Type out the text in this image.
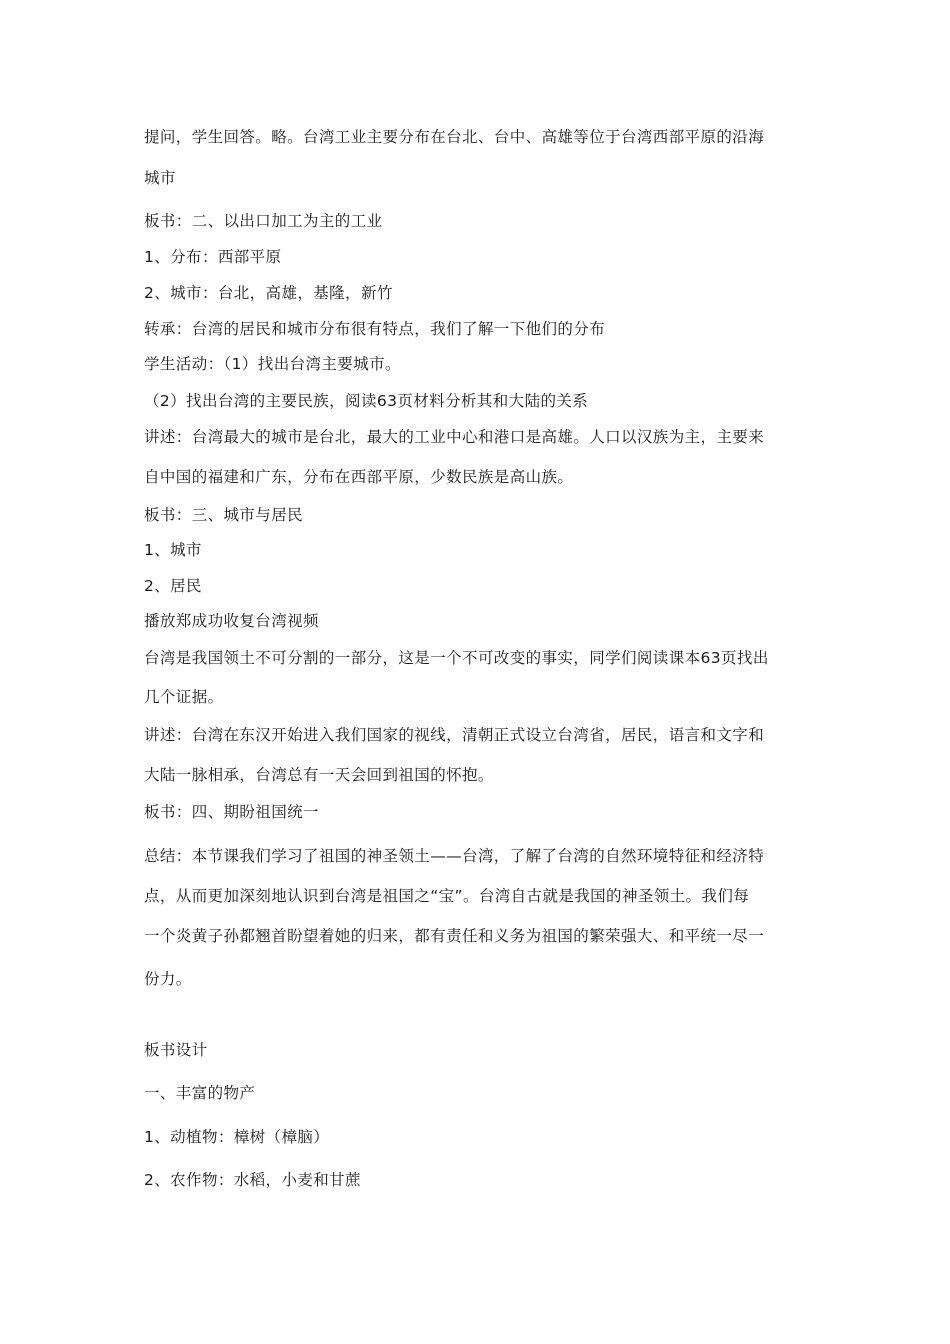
提问，学生回答。略。台湾工业主要分布在台北、台中、高雄等位于台湾西部平原的沿海
城市
板书：二、以出口加工为主的工业
1、分布：西部平原
2、城市：台北，高雄，基隆，新竹
转承：台湾的居民和城市分布很有特点，我们了解一下他们的分布
学生活动：（1）找出台湾主要城市。
（2）找出台湾的主要民族，阅读63页材料分析其和大陆的关系
讲述：台湾最大的城市是台北，最大的工业中心和港口是高雄。人口以汉族为主，主要来
自中国的福建和广东，分布在西部平原，少数民族是高山族。
板书：三、城市与居民
1、城市
2、居民
播放郑成功收复台湾视频
台湾是我国领土不可分割的一部分，这是一个不可改变的事实，同学们阅读课本63页找出
几个证据。
讲述：台湾在东汉开始进入我们国家的视线，清朝正式设立台湾省，居民，语言和文字和
大陆一脉相承，台湾总有一天会回到祖国的怀抱。
板书：四、期盼祖国统一
总结：本节课我们学习了祖国的神圣领土——台湾，了解了台湾的自然环境特征和经济特
点，从而更加深刻地认识到台湾是祖国之“宝”。台湾自古就是我国的神圣领土。我们每
一个炎黄子孙都翘首盼望着她的归来，都有责任和义务为祖国的繁荣强大、和平统一尽一
份力。
板书设计
一、丰富的物产
1、动植物：樟树（樟脑）
2、农作物：水稻，小麦和甘蔗
